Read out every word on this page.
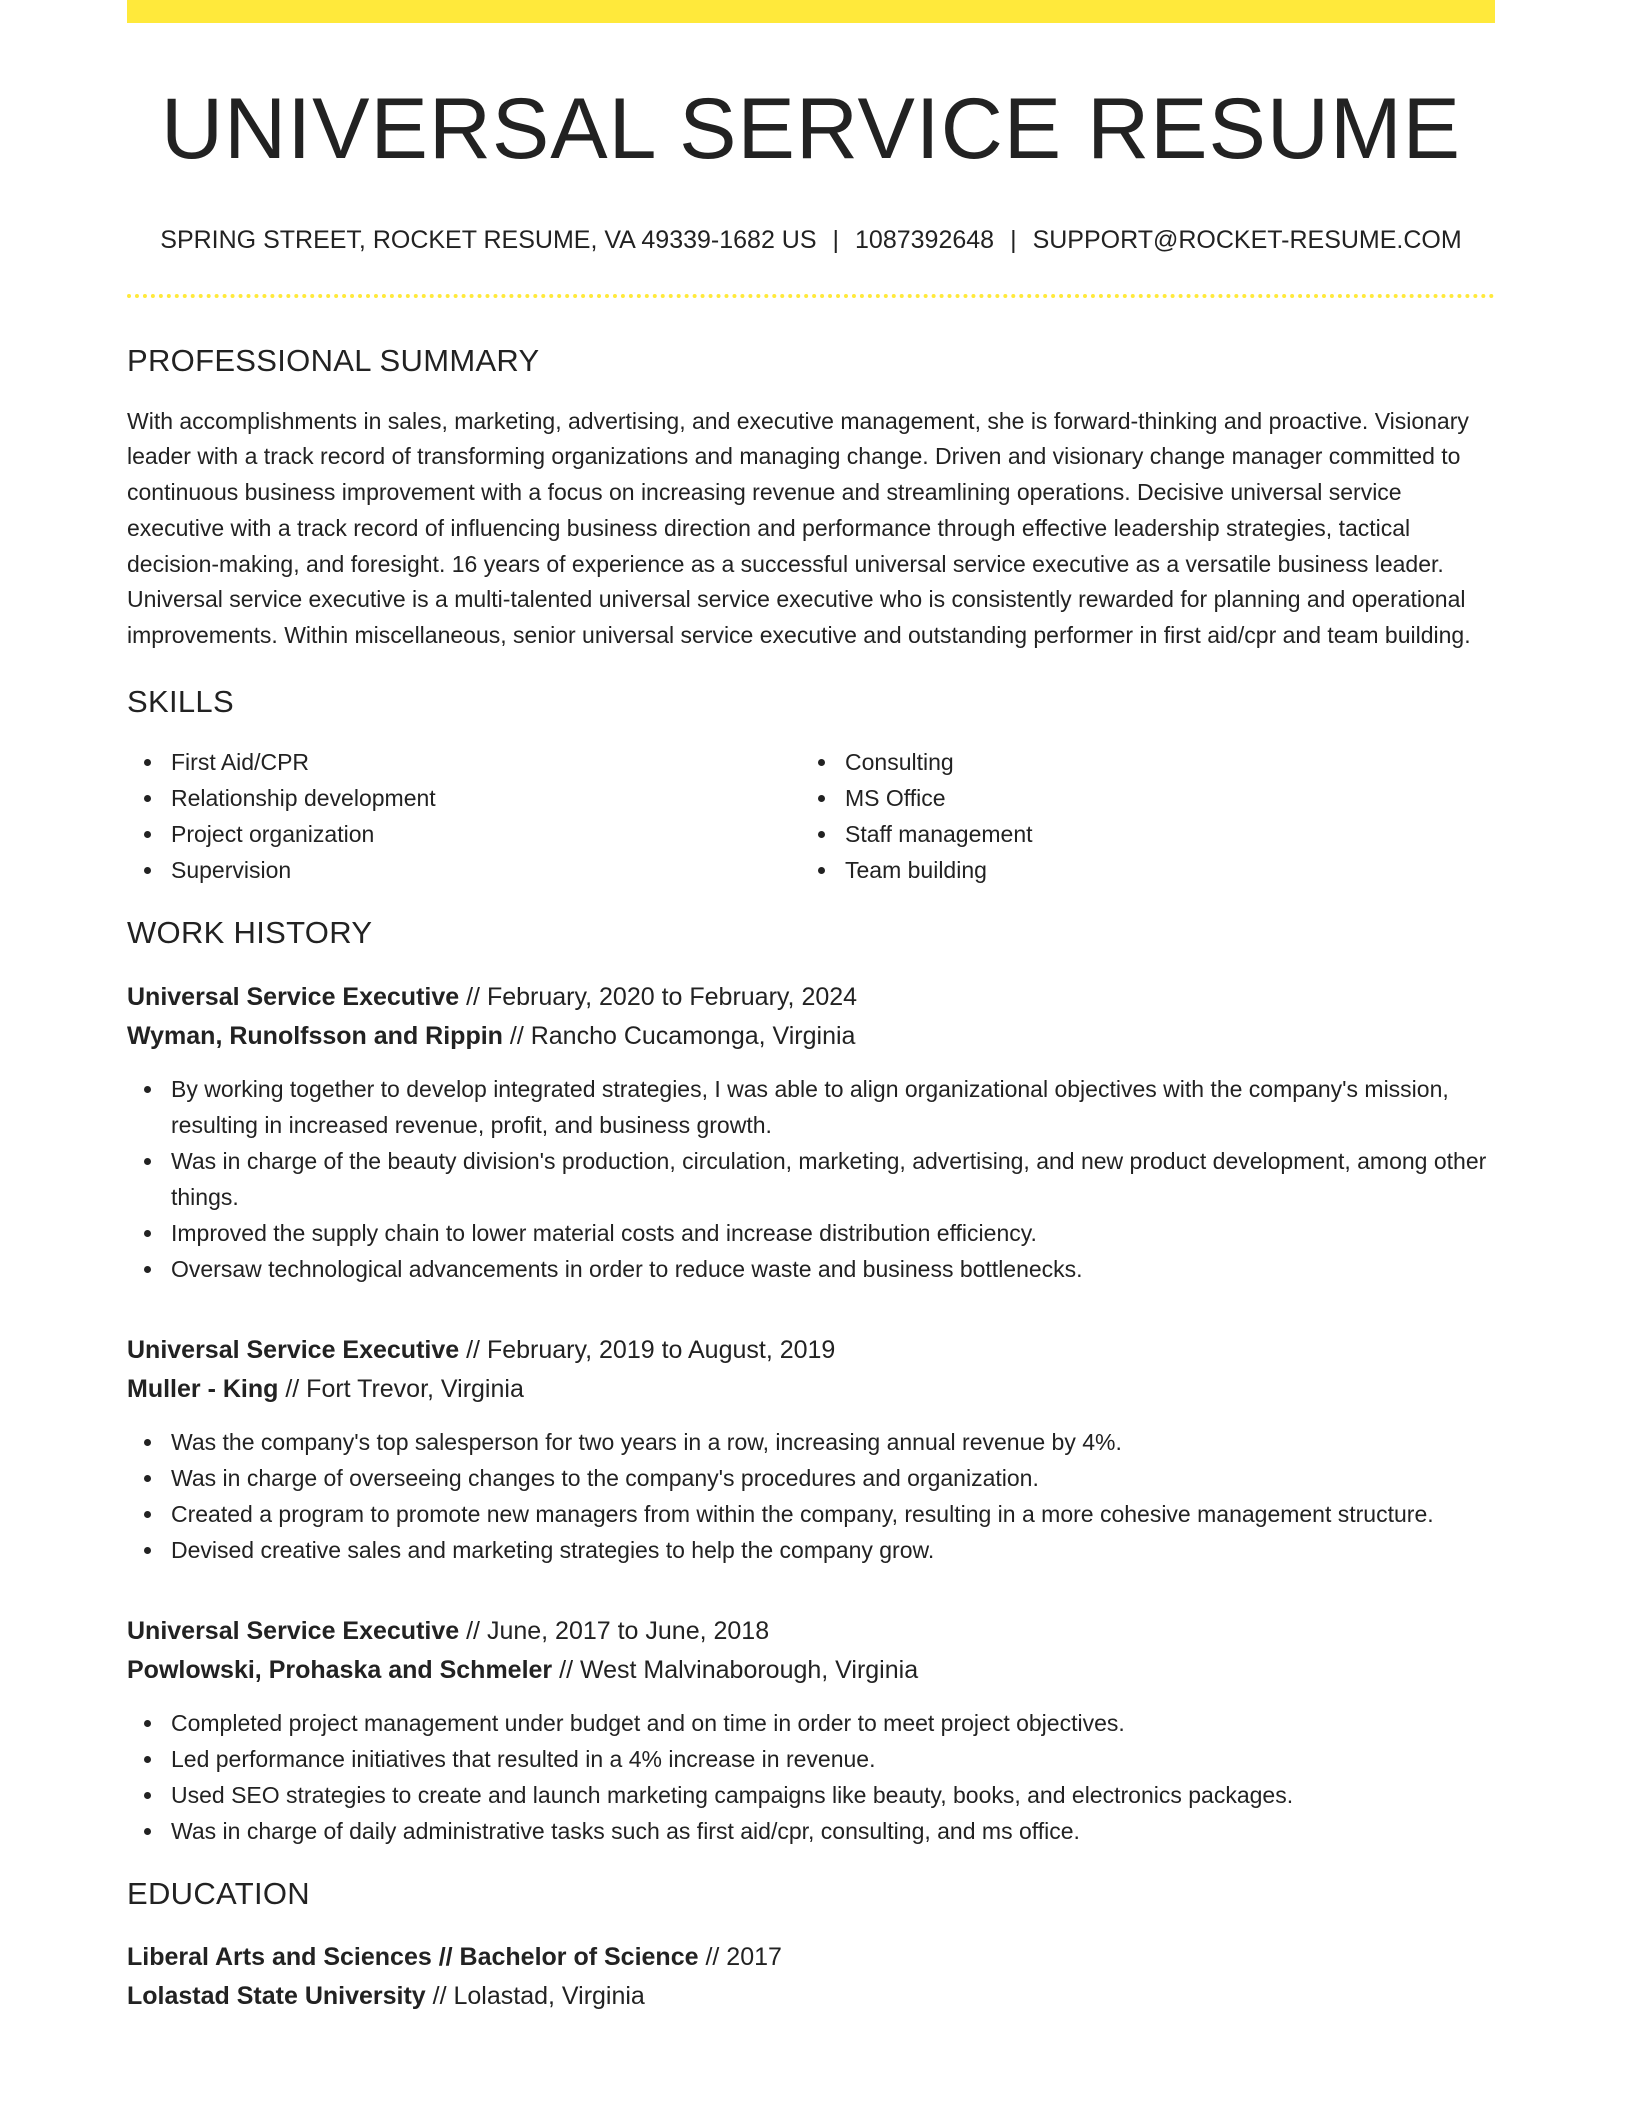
UNIVERSAL SERVICE RESUME
SPRING STREET, ROCKET RESUME, VA 49339-1682 US | 1087392648 | SUPPORT@ROCKET-RESUME.COM
PROFESSIONAL SUMMARY

With accomplishments in sales, marketing, advertising, and executive management, she is forward-thinking and proactive. Visionary leader with a track record of transforming organizations and managing change. Driven and visionary change manager committed to continuous business improvement with a focus on increasing revenue and streamlining operations. Decisive universal service executive with a track record of influencing business direction and performance through effective leadership strategies, tactical decision-making, and foresight. 16 years of experience as a successful universal service executive as a versatile business leader. Universal service executive is a multi-talented universal service executive who is consistently rewarded for planning and operational improvements. Within miscellaneous, senior universal service executive and outstanding performer in first aid/cpr and team building.

SKILLS
First Aid/CPR
Relationship development
Project organization
Supervision
Consulting
MS Office
Staff management
Team building
WORK HISTORY
Universal Service Executive // February, 2020 to February, 2024
Wyman, Runolfsson and Rippin // Rancho Cucamonga, Virginia
By working together to develop integrated strategies, I was able to align organizational objectives with the company's mission, resulting in increased revenue, profit, and business growth.
Was in charge of the beauty division's production, circulation, marketing, advertising, and new product development, among other things.
Improved the supply chain to lower material costs and increase distribution efficiency.
Oversaw technological advancements in order to reduce waste and business bottlenecks.
Universal Service Executive // February, 2019 to August, 2019
Muller - King // Fort Trevor, Virginia
Was the company's top salesperson for two years in a row, increasing annual revenue by 4%.
Was in charge of overseeing changes to the company's procedures and organization.
Created a program to promote new managers from within the company, resulting in a more cohesive management structure.
Devised creative sales and marketing strategies to help the company grow.
Universal Service Executive // June, 2017 to June, 2018
Powlowski, Prohaska and Schmeler // West Malvinaborough, Virginia
Completed project management under budget and on time in order to meet project objectives.
Led performance initiatives that resulted in a 4% increase in revenue.
Used SEO strategies to create and launch marketing campaigns like beauty, books, and electronics packages.
Was in charge of daily administrative tasks such as first aid/cpr, consulting, and ms office.
EDUCATION
Liberal Arts and Sciences // Bachelor of Science // 2017
Lolastad State University // Lolastad, Virginia
